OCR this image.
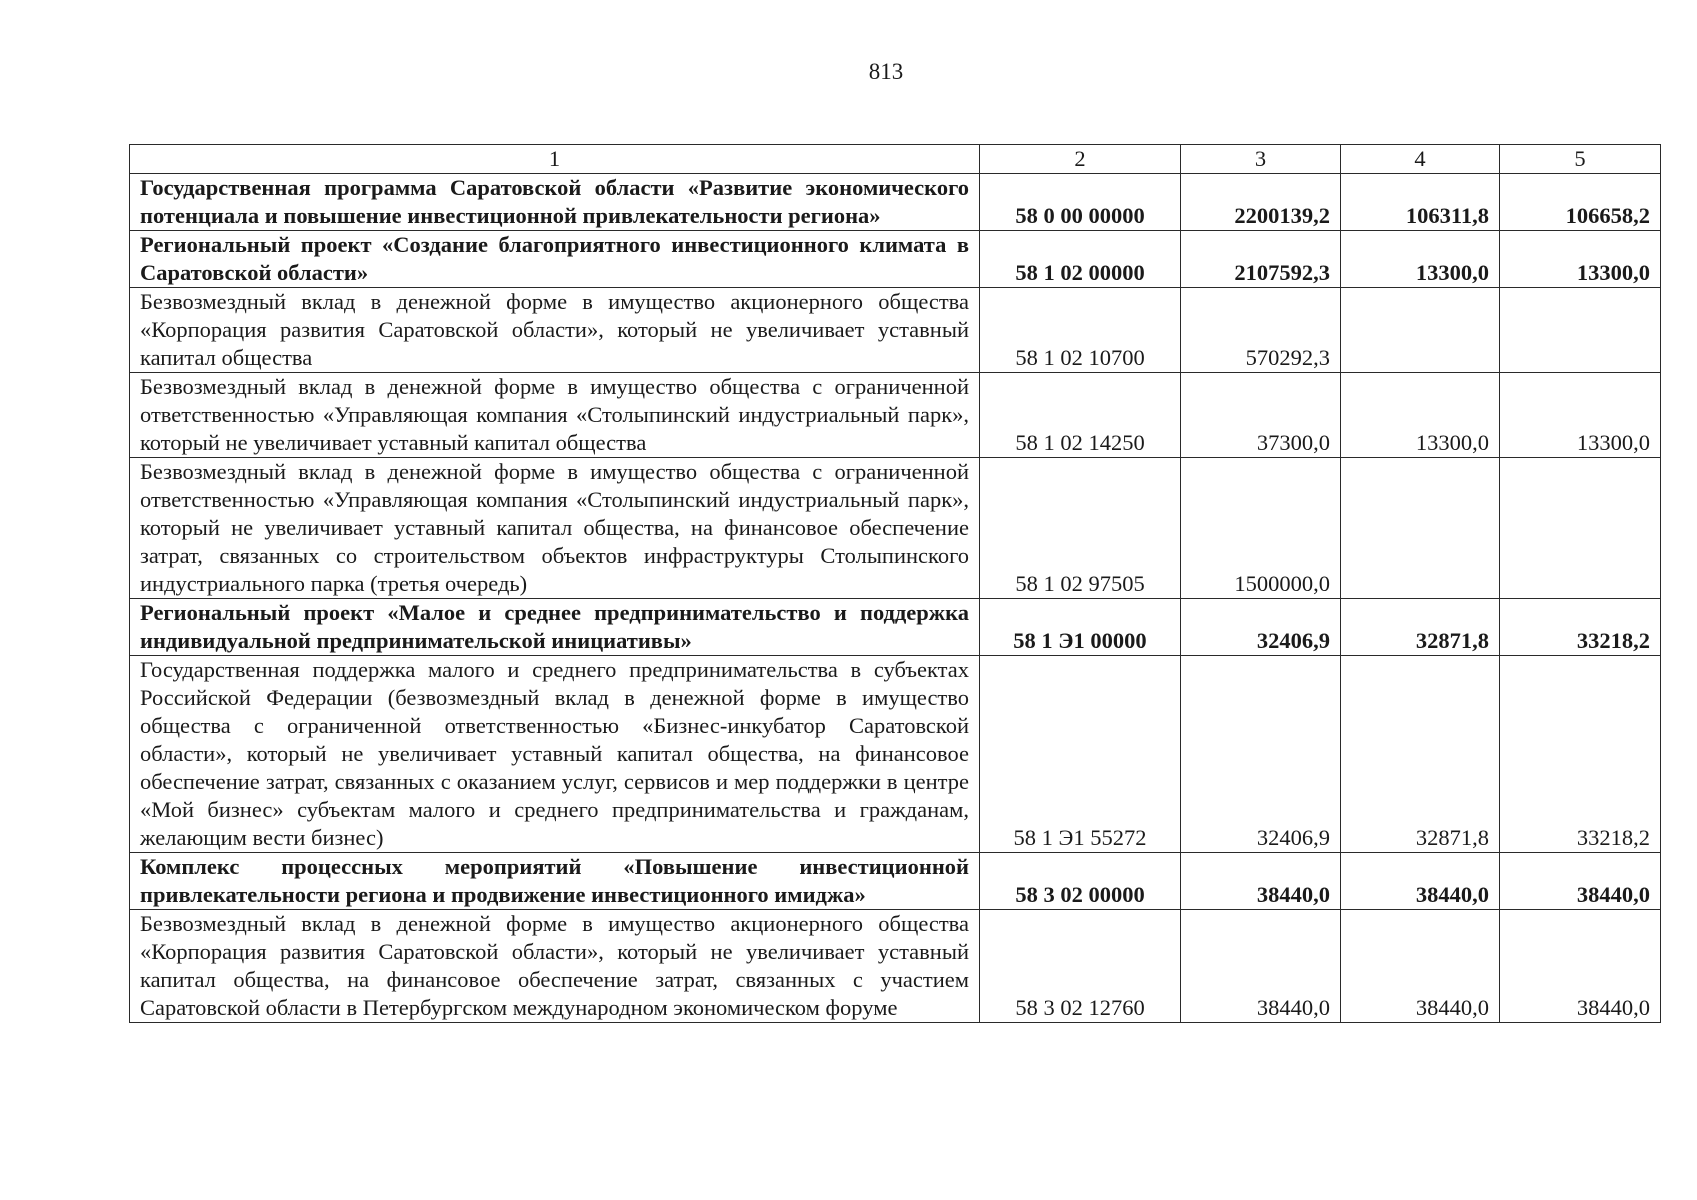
813
1	2	3	4	5
Государственная программа Саратовской области «Развитие экономического потенциала и повышение инвестиционной привлекательности региона»	58 0 00 00000	2200139,2	106311,8	106658,2
Региональный проект «Создание благоприятного инвестиционного климата в Саратовской области»	58 1 02 00000	2107592,3	13300,0	13300,0
Безвозмездный вклад в денежной форме в имущество акционерного общества «Корпорация развития Саратовской области», который не увеличивает уставный капитал общества	58 1 02 10700	570292,3		
Безвозмездный вклад в денежной форме в имущество общества с ограниченной ответственностью «Управляющая компания «Столыпинский индустриальный парк», который не увеличивает уставный капитал общества	58 1 02 14250	37300,0	13300,0	13300,0
Безвозмездный вклад в денежной форме в имущество общества с ограниченной ответственностью «Управляющая компания «Столыпинский индустриальный парк», который не увеличивает уставный капитал общества, на финансовое обеспечение затрат, связанных со строительством объектов инфраструктуры Столыпинского индустриального парка (третья очередь)	58 1 02 97505	1500000,0		
Региональный проект «Малое и среднее предпринимательство и поддержка индивидуальной предпринимательской инициативы»	58 1 Э1 00000	32406,9	32871,8	33218,2
Государственная поддержка малого и среднего предпринимательства в субъектах Российской Федерации (безвозмездный вклад в денежной форме в имущество общества с ограниченной ответственностью «Бизнес-инкубатор Саратовской области», который не увеличивает уставный капитал общества, на финансовое обеспечение затрат, связанных с оказанием услуг, сервисов и мер поддержки в центре «Мой бизнес» субъектам малого и среднего предпринимательства и гражданам, желающим вести бизнес)	58 1 Э1 55272	32406,9	32871,8	33218,2
Комплекс процессных мероприятий «Повышение инвестиционной привлекательности региона и продвижение инвестиционного имиджа»	58 3 02 00000	38440,0	38440,0	38440,0
Безвозмездный вклад в денежной форме в имущество акционерного общества «Корпорация развития Саратовской области», который не увеличивает уставный капитал общества, на финансовое обеспечение затрат, связанных с участием Саратовской области в Петербургском международном экономическом форуме	58 3 02 12760	38440,0	38440,0	38440,0
